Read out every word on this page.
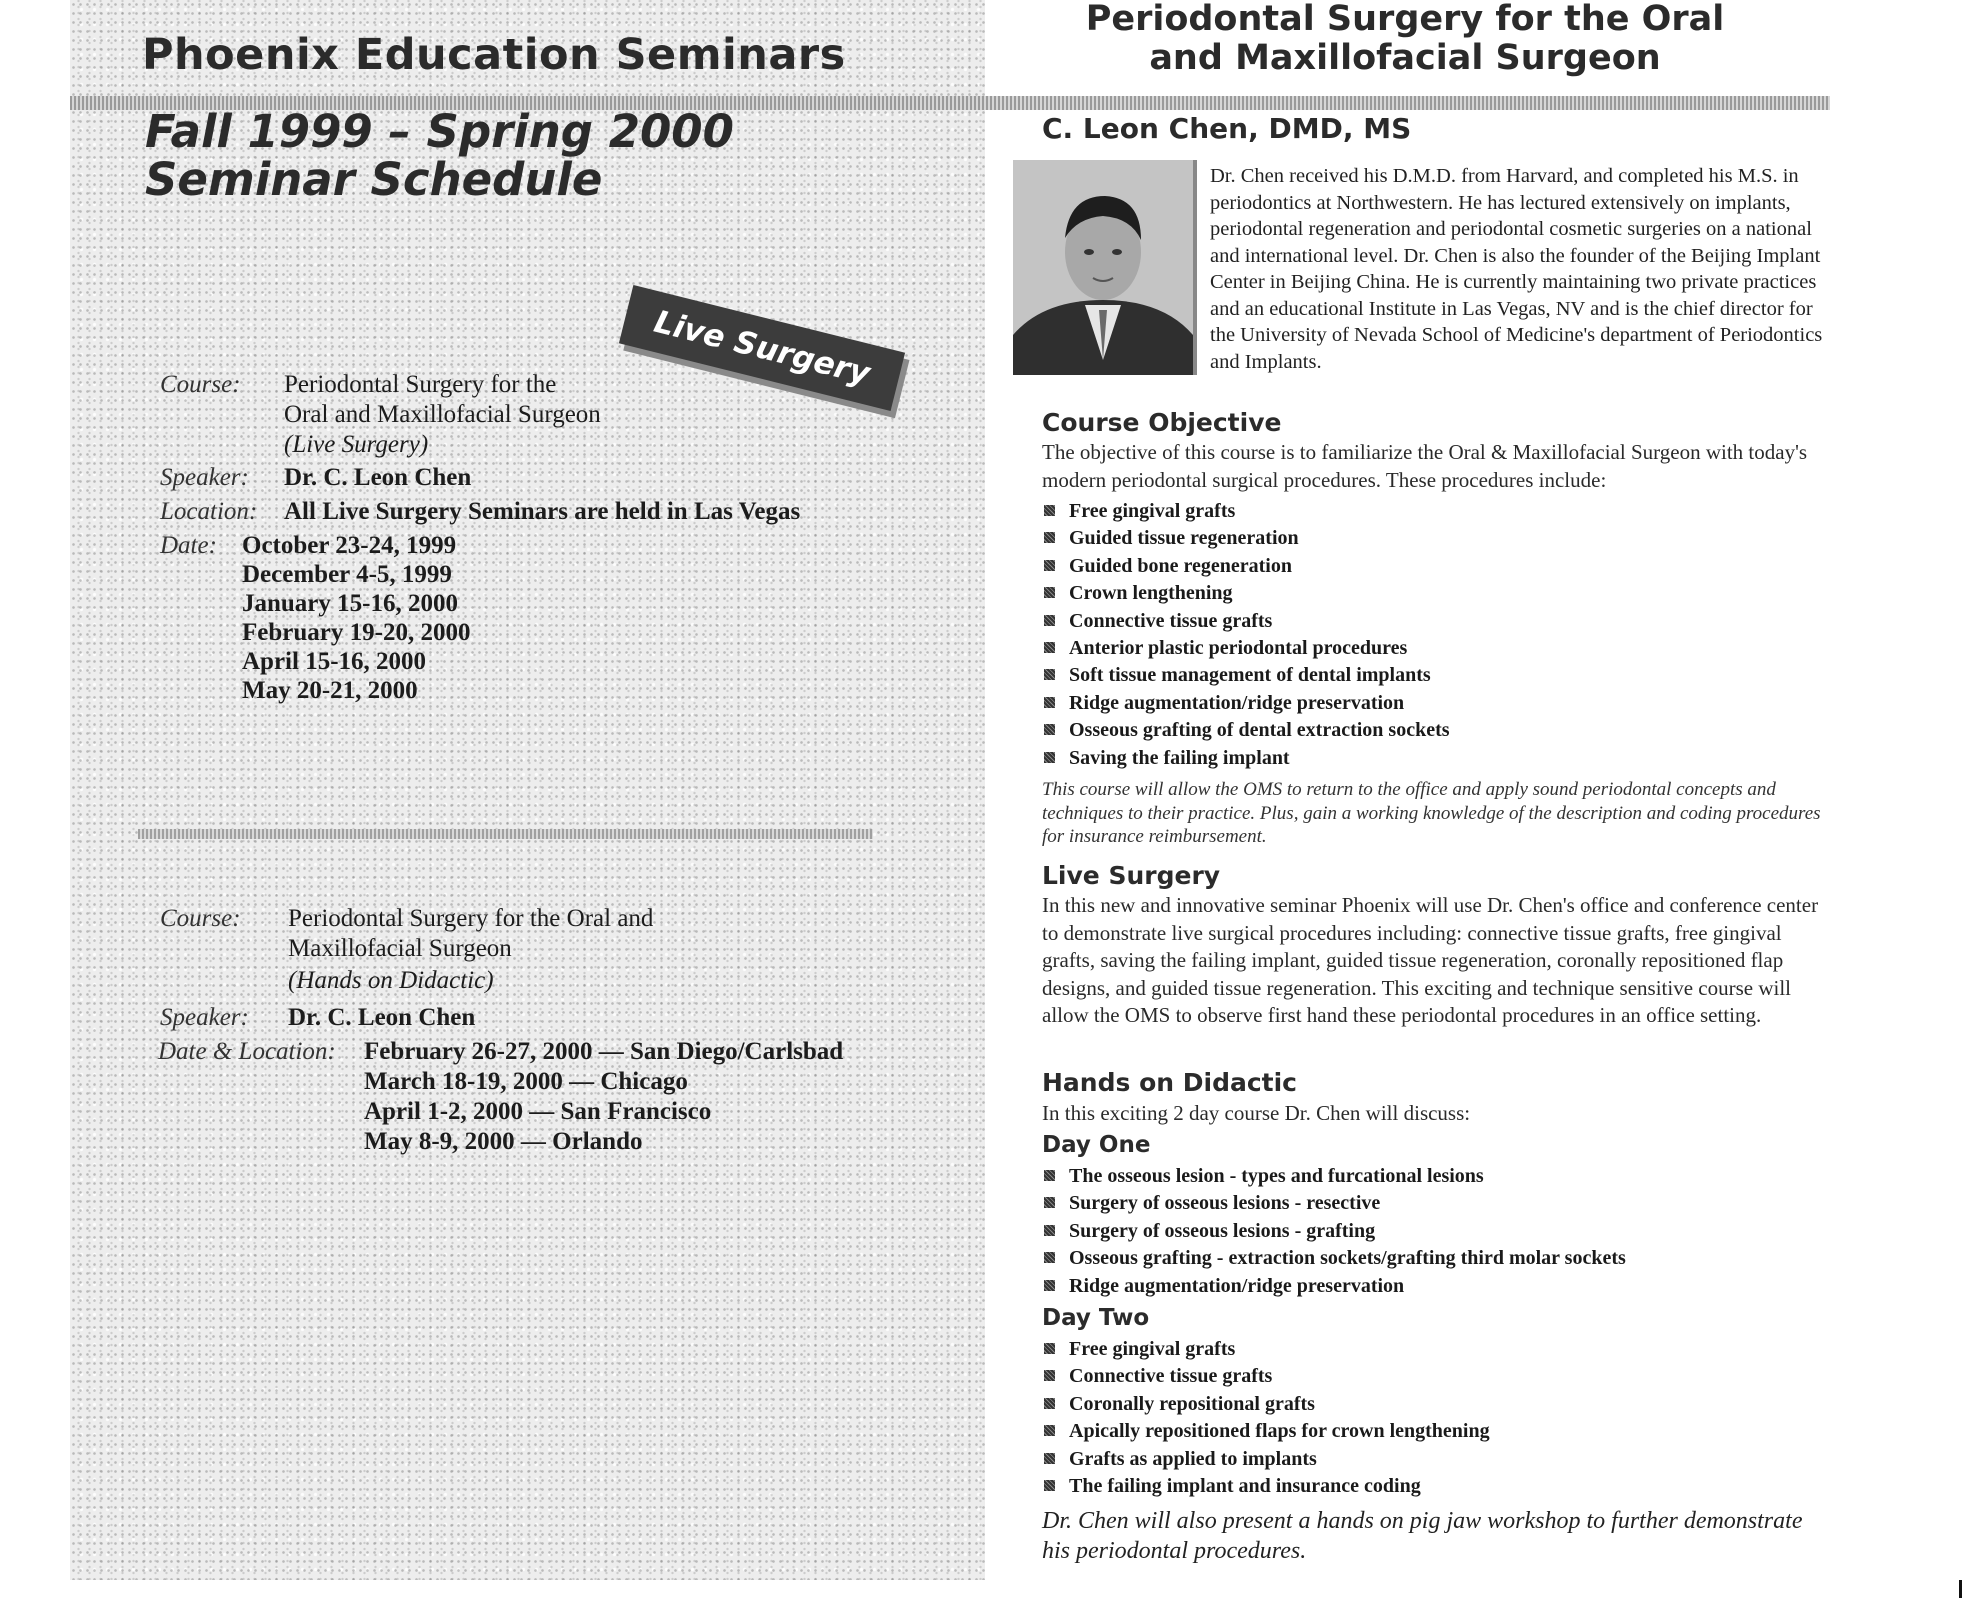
Phoenix Education Seminars
Fall 1999 – Spring 2000
Seminar Schedule
Live Surgery
Course: Periodontal Surgery for the
Oral and Maxillofacial Surgeon
(Live Surgery)
Speaker: Dr. C. Leon Chen
Location: All Live Surgery Seminars are held in Las Vegas
Date: October 23-24, 1999
December 4-5, 1999
January 15-16, 2000
February 19-20, 2000
April 15-16, 2000
May 20-21, 2000
Course: Periodontal Surgery for the Oral and
Maxillofacial Surgeon
(Hands on Didactic)
Speaker: Dr. C. Leon Chen
Date & Location: February 26-27, 2000 — San Diego/Carlsbad
March 18-19, 2000 — Chicago
April 1-2, 2000 — San Francisco
May 8-9, 2000 — Orlando
Periodontal Surgery for the Oral
and Maxillofacial Surgeon
C. Leon Chen, DMD, MS
Dr. Chen received his D.M.D. from Harvard, and completed his M.S. in periodontics at Northwestern. He has lectured extensively on implants, periodontal regeneration and periodontal cosmetic surgeries on a national and international level. Dr. Chen is also the founder of the Beijing Implant Center in Beijing China. He is currently maintaining two private practices and an educational Institute in Las Vegas, NV and is the chief director for the University of Nevada School of Medicine's department of Periodontics and Implants.
Course Objective
The objective of this course is to familiarize the Oral & Maxillofacial Surgeon with today's modern periodontal surgical procedures. These procedures include:
Free gingival grafts
Guided tissue regeneration
Guided bone regeneration
Crown lengthening
Connective tissue grafts
Anterior plastic periodontal procedures
Soft tissue management of dental implants
Ridge augmentation/ridge preservation
Osseous grafting of dental extraction sockets
Saving the failing implant
This course will allow the OMS to return to the office and apply sound periodontal concepts and techniques to their practice. Plus, gain a working knowledge of the description and coding procedures for insurance reimbursement.
Live Surgery
In this new and innovative seminar Phoenix will use Dr. Chen's office and conference center to demonstrate live surgical procedures including: connective tissue grafts, free gingival grafts, saving the failing implant, guided tissue regeneration, coronally repositioned flap designs, and guided tissue regeneration. This exciting and technique sensitive course will allow the OMS to observe first hand these periodontal procedures in an office setting.
Hands on Didactic
In this exciting 2 day course Dr. Chen will discuss:
Day One
The osseous lesion - types and furcational lesions
Surgery of osseous lesions - resective
Surgery of osseous lesions - grafting
Osseous grafting - extraction sockets/grafting third molar sockets
Ridge augmentation/ridge preservation
Day Two
Free gingival grafts
Connective tissue grafts
Coronally repositional grafts
Apically repositioned flaps for crown lengthening
Grafts as applied to implants
The failing implant and insurance coding
Dr. Chen will also present a hands on pig jaw workshop to further demonstrate his periodontal procedures.
